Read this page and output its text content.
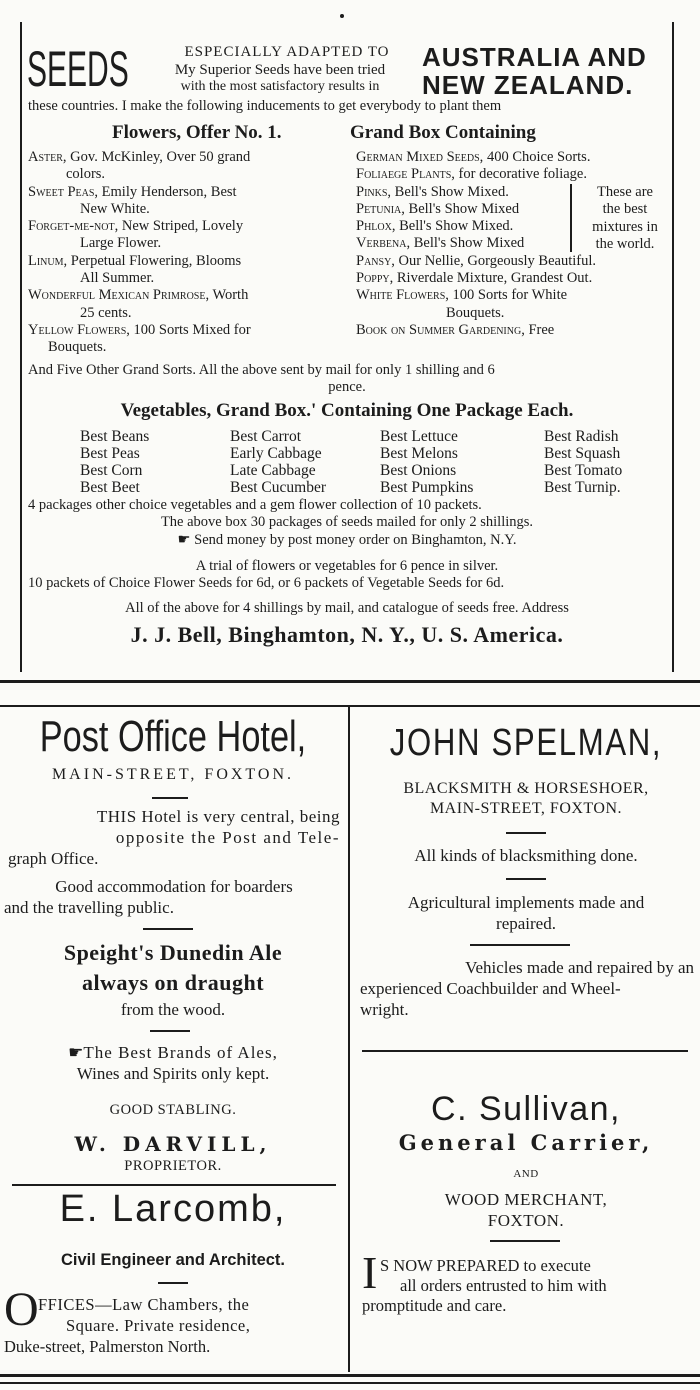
SEEDS	ESPECIALLY ADAPTED TO
My Superior Seeds have been tried
with the most satisfactory results in
AUSTRALIA AND
NEW ZEALAND.
these countries. I make the following inducements to get everybody to plant them
Flowers, Offer No. 1.	Grand Box Containing
Aster, Gov. McKinley, Over 50 grand
colors.
Sweet Peas, Emily Henderson, Best
New White.
Forget-me-not, New Striped, Lovely
Large Flower.
Linum, Perpetual Flowering, Blooms
All Summer.
Wonderful Mexican Primrose, Worth
25 cents.
Yellow Flowers, 100 Sorts Mixed for
Bouquets.
German Mixed Seeds, 400 Choice Sorts.
Foliaege Plants, for decorative foliage.
Pinks, Bell's Show Mixed.
Petunia, Bell's Show Mixed
Phlox, Bell's Show Mixed.
Verbena, Bell's Show Mixed
Pansy, Our Nellie, Gorgeously Beautiful.
Poppy, Riverdale Mixture, Grandest Out.
White Flowers, 100 Sorts for White
Bouquets.
Book on Summer Gardening, Free
These are
the best
mixtures in
the world.
And Five Other Grand Sorts. All the above sent by mail for only 1 shilling and 6
pence.
Vegetables, Grand Box.' Containing One Package Each.
Best Beans
Best Peas
Best Corn
Best Beet
Best Carrot
Early Cabbage
Late Cabbage
Best Cucumber
Best Lettuce
Best Melons
Best Onions
Best Pumpkins
Best Radish
Best Squash
Best Tomato
Best Turnip.
4 packages other choice vegetables and a gem flower collection of 10 packets.
The above box 30 packages of seeds mailed for only 2 shillings.
☛ Send money by post money order on Binghamton, N.Y.
A trial of flowers or vegetables for 6 pence in silver.
10 packets of Choice Flower Seeds for 6d, or 6 packets of Vegetable Seeds for 6d.
All of the above for 4 shillings by mail, and catalogue of seeds free. Address
J. J. Bell, Binghamton, N. Y., U. S. America.
Post Office Hotel,
MAIN-STREET, FOXTON.
THIS Hotel is very central, being
opposite the Post and Tele-
graph Office.
Good accommodation for boarders
and the travelling public.
Speight's Dunedin Ale
always on draught
from the wood.
☛The Best Brands of Ales,
Wines and Spirits only kept.
GOOD STABLING.
W. DARVILL,
PROPRIETOR.
E. Larcomb,
Civil Engineer and Architect.
O FFICES—Law Chambers, the
Square. Private residence,
Duke-street, Palmerston North.
JOHN SPELMAN,
BLACKSMITH & HORSESHOER,
MAIN-STREET, FOXTON.
All kinds of blacksmithing done.
Agricultural implements made and
repaired.
Vehicles made and repaired by an
experienced Coachbuilder and Wheel-
wright.
C. Sullivan,
General Carrier,
AND
WOOD MERCHANT,
FOXTON.
I S NOW PREPARED to execute
all orders entrusted to him with
promptitude and care.
